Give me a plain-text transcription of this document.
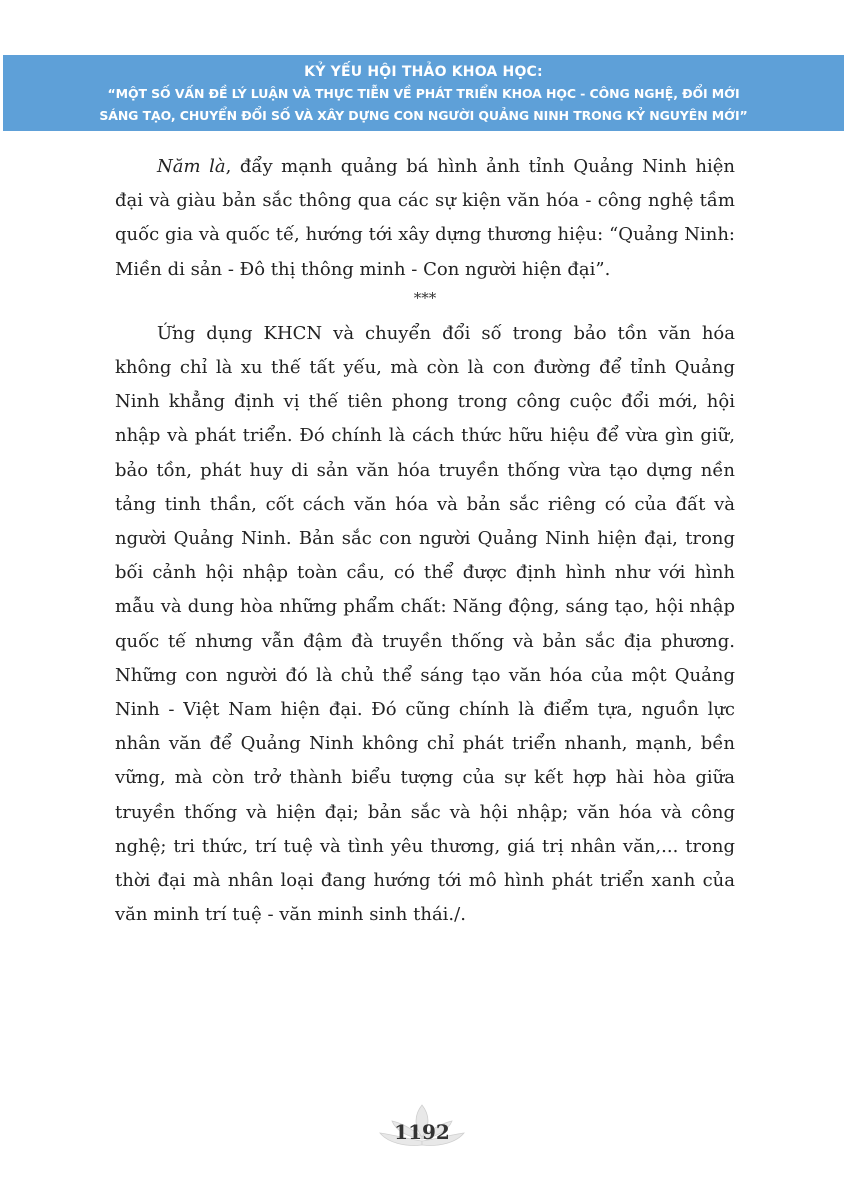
KỶ YẾU HỘI THẢO KHOA HỌC:
“MỘT SỐ VẤN ĐỀ LÝ LUẬN VÀ THỰC TIỄN VỀ PHÁT TRIỂN KHOA HỌC - CÔNG NGHỆ, ĐỔI MỚI
SÁNG TẠO, CHUYỂN ĐỔI SỐ VÀ XÂY DỰNG CON NGƯỜI QUẢNG NINH TRONG KỶ NGUYÊN MỚI”

Năm là, đẩy mạnh quảng bá hình ảnh tỉnh Quảng Ninh hiện đại và giàu bản sắc thông qua các sự kiện văn hóa - công nghệ tầm quốc gia và quốc tế, hướng tới xây dựng thương hiệu: “Quảng Ninh: Miền di sản - Đô thị thông minh - Con người hiện đại”.

***

Ứng dụng KHCN và chuyển đổi số trong bảo tồn văn hóa không chỉ là xu thế tất yếu, mà còn là con đường để tỉnh Quảng Ninh khẳng định vị thế tiên phong trong công cuộc đổi mới, hội nhập và phát triển. Đó chính là cách thức hữu hiệu để vừa gìn giữ, bảo tồn, phát huy di sản văn hóa truyền thống vừa tạo dựng nền tảng tinh thần, cốt cách văn hóa và bản sắc riêng có của đất và người Quảng Ninh. Bản sắc con người Quảng Ninh hiện đại, trong bối cảnh hội nhập toàn cầu, có thể được định hình như với hình mẫu và dung hòa những phẩm chất: Năng động, sáng tạo, hội nhập quốc tế nhưng vẫn đậm đà truyền thống và bản sắc địa phương. Những con người đó là chủ thể sáng tạo văn hóa của một Quảng Ninh - Việt Nam hiện đại. Đó cũng chính là điểm tựa, nguồn lực nhân văn để Quảng Ninh không chỉ phát triển nhanh, mạnh, bền vững, mà còn trở thành biểu tượng của sự kết hợp hài hòa giữa truyền thống và hiện đại; bản sắc và hội nhập; văn hóa và công nghệ; tri thức, trí tuệ và tình yêu thương, giá trị nhân văn,... trong thời đại mà nhân loại đang hướng tới mô hình phát triển xanh của văn minh trí tuệ - văn minh sinh thái./.

1192
